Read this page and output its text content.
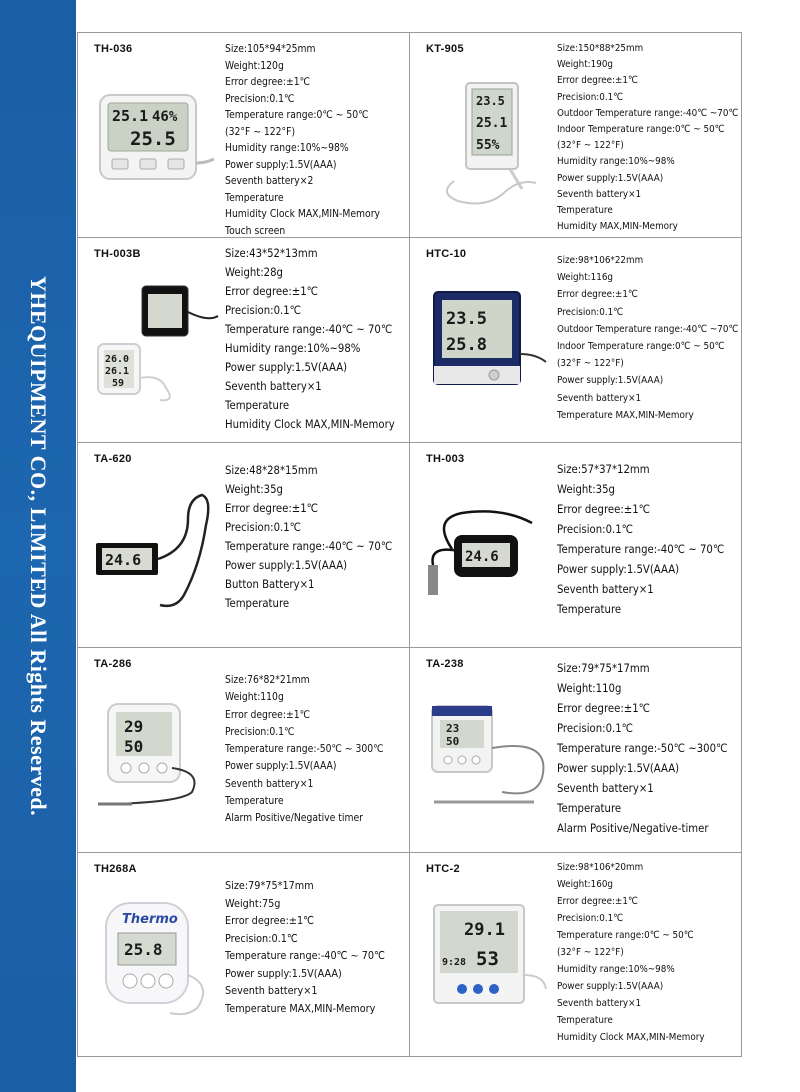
YHEQUIPMENT CO., LIMITED All Rights Reserved.
TH-036
25.1 46%
25.5
Size:105*94*25mm
Weight:120g
Error degree:±1℃
Precision:0.1℃
Temperature range:0℃ ~ 50℃
(32°F ~ 122°F)
Humidity range:10%~98%
Power supply:1.5V(AAA)
Seventh battery×2
Temperature
Humidity Clock MAX,MIN-Memory
Touch screen
KT-905
23.5
25.1
55%
Size:150*88*25mm
Weight:190g
Error degree:±1℃
Precision:0.1℃
Outdoor Temperature range:-40℃ ~70℃
Indoor Temperature range:0℃ ~ 50℃
(32°F ~ 122°F)
Humidity range:10%~98%
Power supply:1.5V(AAA)
Seventh battery×1
Temperature
Humidity MAX,MIN-Memory
TH-003B
26.0
26.1
59
Size:43*52*13mm
Weight:28g
Error degree:±1℃
Precision:0.1℃
Temperature range:-40℃ ~ 70℃
Humidity range:10%~98%
Power supply:1.5V(AAA)
Seventh battery×1
Temperature
Humidity Clock MAX,MIN-Memory
HTC-10
23.5
25.8
Size:98*106*22mm
Weight:116g
Error degree:±1℃
Precision:0.1℃
Outdoor Temperature range:-40℃ ~70℃
Indoor Temperature range:0℃ ~ 50℃
(32°F ~ 122°F)
Power supply:1.5V(AAA)
Seventh battery×1
Temperature MAX,MIN-Memory
TA-620
24.6
Size:48*28*15mm
Weight:35g
Error degree:±1℃
Precision:0.1℃
Temperature range:-40℃ ~ 70℃
Power supply:1.5V(AAA)
Button Battery×1
Temperature
TH-003
24.6
Size:57*37*12mm
Weight:35g
Error degree:±1℃
Precision:0.1℃
Temperature range:-40℃ ~ 70℃
Power supply:1.5V(AAA)
Seventh battery×1
Temperature
TA-286
29
50
Size:76*82*21mm
Weight:110g
Error degree:±1℃
Precision:0.1℃
Temperature range:-50℃ ~ 300℃
Power supply:1.5V(AAA)
Seventh battery×1
Temperature
Alarm Positive/Negative timer
TA-238
23
50
Size:79*75*17mm
Weight:110g
Error degree:±1℃
Precision:0.1℃
Temperature range:-50℃ ~300℃
Power supply:1.5V(AAA)
Seventh battery×1
Temperature
Alarm Positive/Negative-timer
TH268A
Thermo
25.8
Size:79*75*17mm
Weight:75g
Error degree:±1℃
Precision:0.1℃
Temperature range:-40℃ ~ 70℃
Power supply:1.5V(AAA)
Seventh battery×1
Temperature MAX,MIN-Memory
HTC-2
29.1
9:28 53
Size:98*106*20mm
Weight:160g
Error degree:±1℃
Precision:0.1℃
Temperature range:0℃ ~ 50℃
(32°F ~ 122°F)
Humidity range:10%~98%
Power supply:1.5V(AAA)
Seventh battery×1
Temperature
Humidity Clock MAX,MIN-Memory
